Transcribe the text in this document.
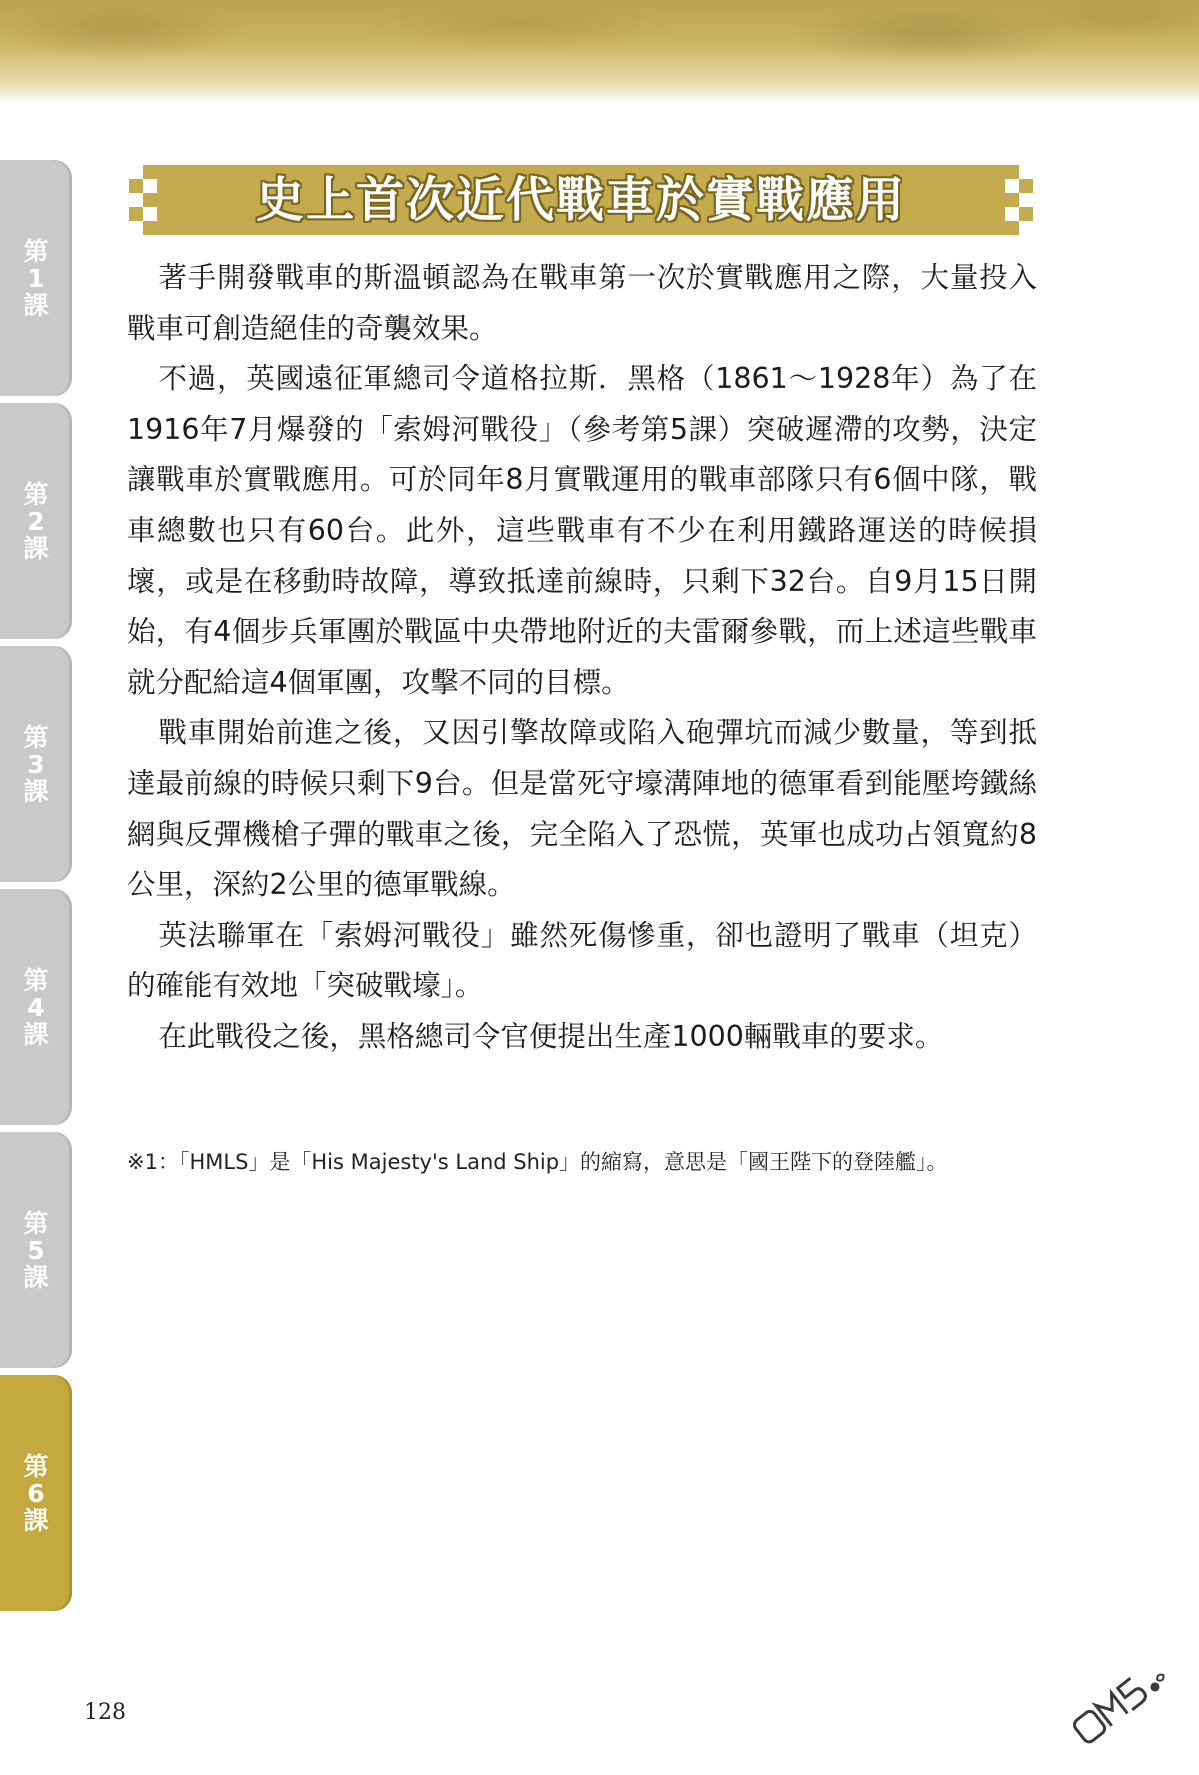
第
1
課
第
2
課
第
3
課
第
4
課
第
5
課
第
6
課
史上首次近代戰車於實戰應用

著手開發戰車的斯溫頓認為在戰車第一次於實戰應用之際，大量投入戰車可創造絕佳的奇襲效果。

不過，英國遠征軍總司令道格拉斯．黑格（1861～1928年）為了在1916年7月爆發的「索姆河戰役」（參考第5課）突破遲滯的攻勢，決定讓戰車於實戰應用。可於同年8月實戰運用的戰車部隊只有6個中隊，戰車總數也只有60台。此外，這些戰車有不少在利用鐵路運送的時候損壞，或是在移動時故障，導致抵達前線時，只剩下32台。自9月15日開始，有4個步兵軍團於戰區中央帶地附近的夫雷爾參戰，而上述這些戰車就分配給這4個軍團，攻擊不同的目標。

戰車開始前進之後，又因引擎故障或陷入砲彈坑而減少數量，等到抵達最前線的時候只剩下9台。但是當死守壕溝陣地的德軍看到能壓垮鐵絲網與反彈機槍子彈的戰車之後，完全陷入了恐慌，英軍也成功占領寬約8公里，深約2公里的德軍戰線。

英法聯軍在「索姆河戰役」雖然死傷慘重，卻也證明了戰車（坦克）的確能有效地「突破戰壕」。

在此戰役之後，黑格總司令官便提出生產1000輛戰車的要求。

※1：「HMLS」是「His Majesty's Land Ship」的縮寫，意思是「國王陛下的登陸艦」。
128
